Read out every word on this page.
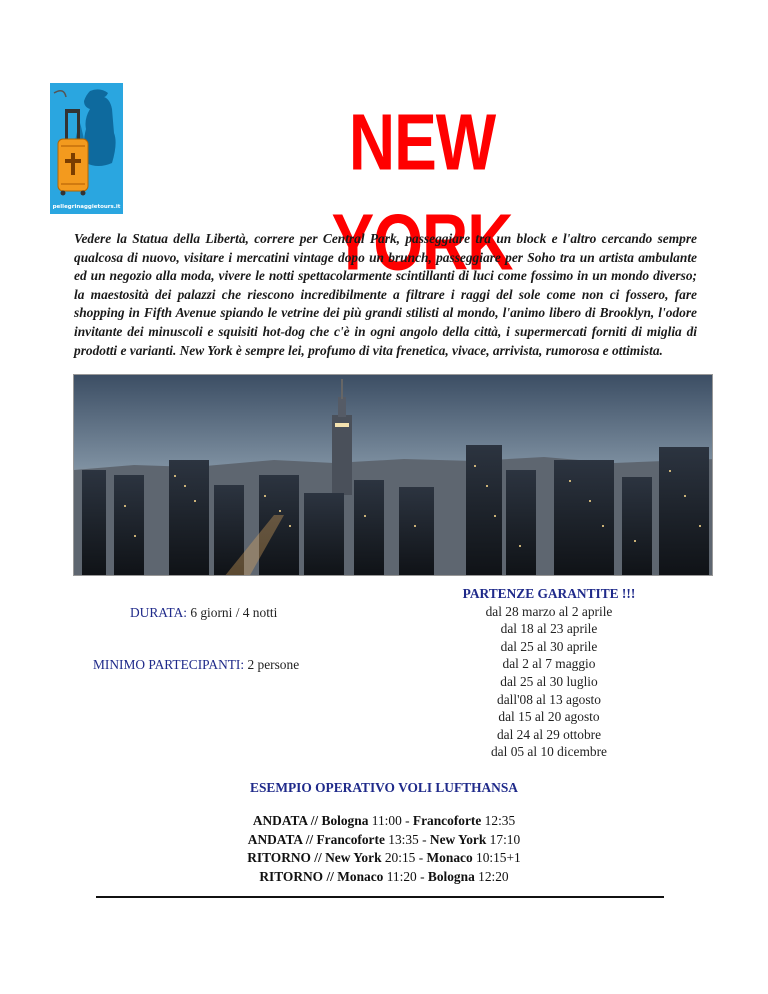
pellegrinaggietours.it
NEW YORK
Vedere la Statua della Libertà, correre per Central Park, passeggiare tra un block e l'altro cercando sempre qualcosa di nuovo, visitare i mercatini vintage dopo un brunch, passeggiare per Soho tra un artista ambulante ed un negozio alla moda, vivere le notti spettacolarmente scintillanti di luci come fossimo in un mondo diverso; la maestosità dei palazzi che riescono incredibilmente a filtrare i raggi del sole come non ci fossero, fare shopping in Fifth Avenue spiando le vetrine dei più grandi stilisti al mondo, l'animo libero di Brooklyn, l'odore invitante dei minuscoli e squisiti hot-dog che c'è in ogni angolo della città, i supermercati forniti di miglia di prodotti e varianti. New York è sempre lei, profumo di vita frenetica, vivace, arrivista, rumorosa e ottimista.
DURATA: 6 giorni / 4 notti
MINIMO PARTECIPANTI: 2 persone
PARTENZE GARANTITE !!!
dal 28 marzo al 2 aprile
dal 18 al 23 aprile
dal 25 al 30 aprile
dal 2 al 7 maggio
dal 25 al 30 luglio
dall'08 al 13 agosto
dal 15 al 20 agosto
dal 24 al 29 ottobre
dal 05 al 10 dicembre
ESEMPIO OPERATIVO VOLI LUFTHANSA
ANDATA // Bologna 11:00 - Francoforte 12:35
ANDATA // Francoforte 13:35 - New York 17:10
RITORNO // New York 20:15 - Monaco 10:15+1
RITORNO // Monaco 11:20 - Bologna 12:20
